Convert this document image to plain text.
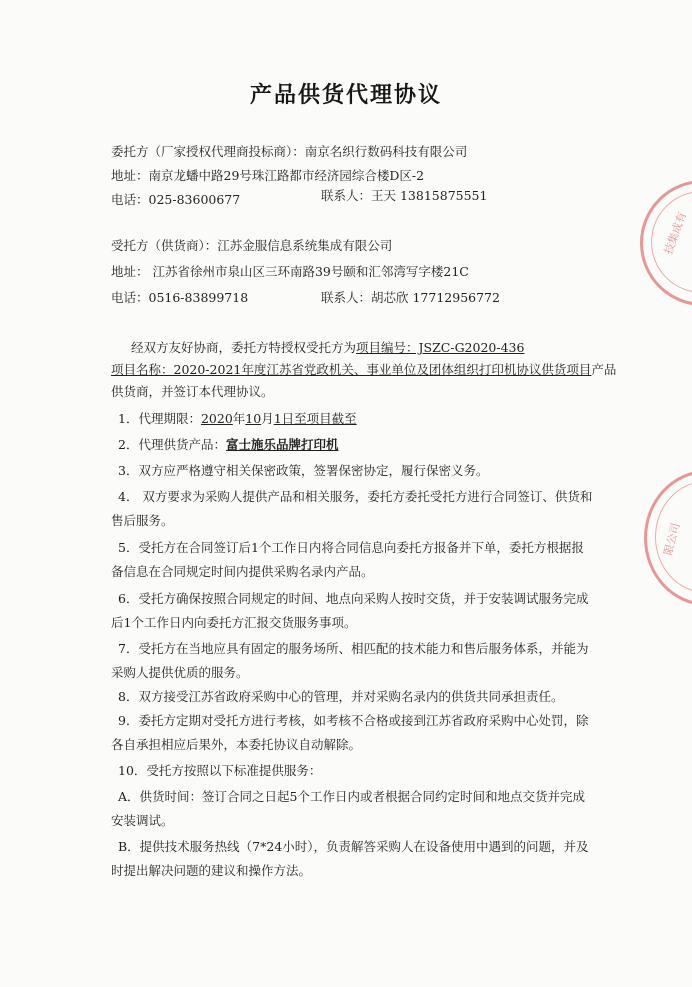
产品供货代理协议
委托方（厂家授权代理商投标商）：南京名织行数码科技有限公司
地址：南京龙蟠中路29号珠江路都市经济园综合楼D区-2
电话：025-83600677	联系人：王天 13815875551
受托方（供货商）：江苏金服信息系统集成有限公司
地址： 江苏省徐州市泉山区三环南路39号颐和汇邻湾写字楼21C
电话：0516-83899718	联系人：胡芯欣 17712956772
经双方友好协商，委托方特授权受托方为项目编号：JSZC-G2020-436
项目名称：2020-2021年度江苏省党政机关、事业单位及团体组织打印机协议供货项目产品
供货商，并签订本代理协议。
1．代理期限：2020年10月1日至项目截至
2．代理供货产品：富士施乐品牌打印机
3．双方应严格遵守相关保密政策，签署保密协定，履行保密义务。
4． 双方要求为采购人提供产品和相关服务，委托方委托受托方进行合同签订、供货和
售后服务。
5．受托方在合同签订后1个工作日内将合同信息向委托方报备并下单，委托方根据报
备信息在合同规定时间内提供采购名录内产品。
6．受托方确保按照合同规定的时间、地点向采购人按时交货，并于安装调试服务完成
后1个工作日内向委托方汇报交货服务事项。
7．受托方在当地应具有固定的服务场所、相匹配的技术能力和售后服务体系，并能为
采购人提供优质的服务。
8．双方接受江苏省政府采购中心的管理，并对采购名录内的供货共同承担责任。
9．委托方定期对受托方进行考核，如考核不合格或接到江苏省政府采购中心处罚，除
各自承担相应后果外，本委托协议自动解除。
10．受托方按照以下标准提供服务：
A．供货时间：签订合同之日起5个工作日内或者根据合同约定时间和地点交货并完成
安装调试。
B．提供技术服务热线（7*24小时），负责解答采购人在设备使用中遇到的问题，并及
时提出解决问题的建议和操作方法。
技集成有
限公司
